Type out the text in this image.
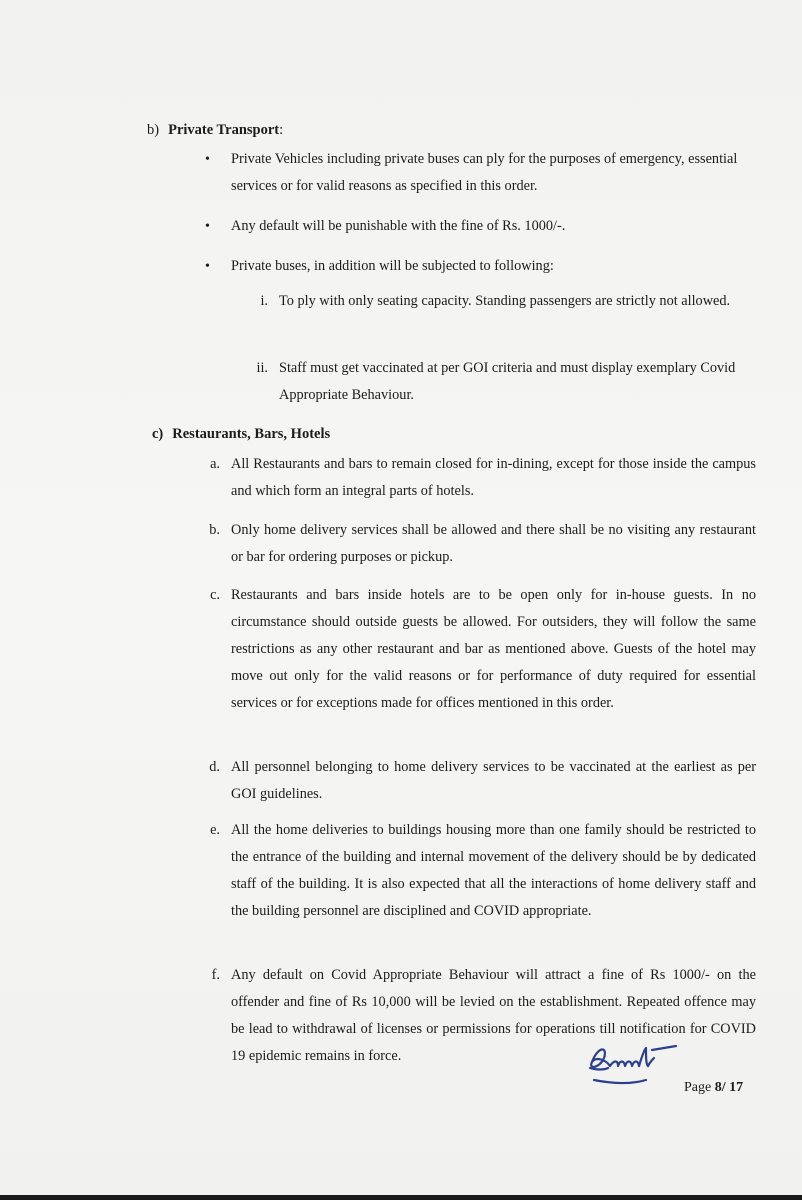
b) Private Transport:
• Private Vehicles including private buses can ply for the purposes of emergency, essential services or for valid reasons as specified in this order.
• Any default will be punishable with the fine of Rs. 1000/-.
• Private buses, in addition will be subjected to following:
i. To ply with only seating capacity. Standing passengers are strictly not allowed.
ii. Staff must get vaccinated at per GOI criteria and must display exemplary Covid Appropriate Behaviour.
c) Restaurants, Bars, Hotels
a. All Restaurants and bars to remain closed for in-dining, except for those inside the campus and which form an integral parts of hotels.
b. Only home delivery services shall be allowed and there shall be no visiting any restaurant or bar for ordering purposes or pickup.
c. Restaurants and bars inside hotels are to be open only for in-house guests. In no circumstance should outside guests be allowed. For outsiders, they will follow the same restrictions as any other restaurant and bar as mentioned above. Guests of the hotel may move out only for the valid reasons or for performance of duty required for essential services or for exceptions made for offices mentioned in this order.
d. All personnel belonging to home delivery services to be vaccinated at the earliest as per GOI guidelines.
e. All the home deliveries to buildings housing more than one family should be restricted to the entrance of the building and internal movement of the delivery should be by dedicated staff of the building. It is also expected that all the interactions of home delivery staff and the building personnel are disciplined and COVID appropriate.
f. Any default on Covid Appropriate Behaviour will attract a fine of Rs 1000/- on the offender and fine of Rs 10,000 will be levied on the establishment. Repeated offence may be lead to withdrawal of licenses or permissions for operations till notification for COVID 19 epidemic remains in force.
Page 8/ 17
